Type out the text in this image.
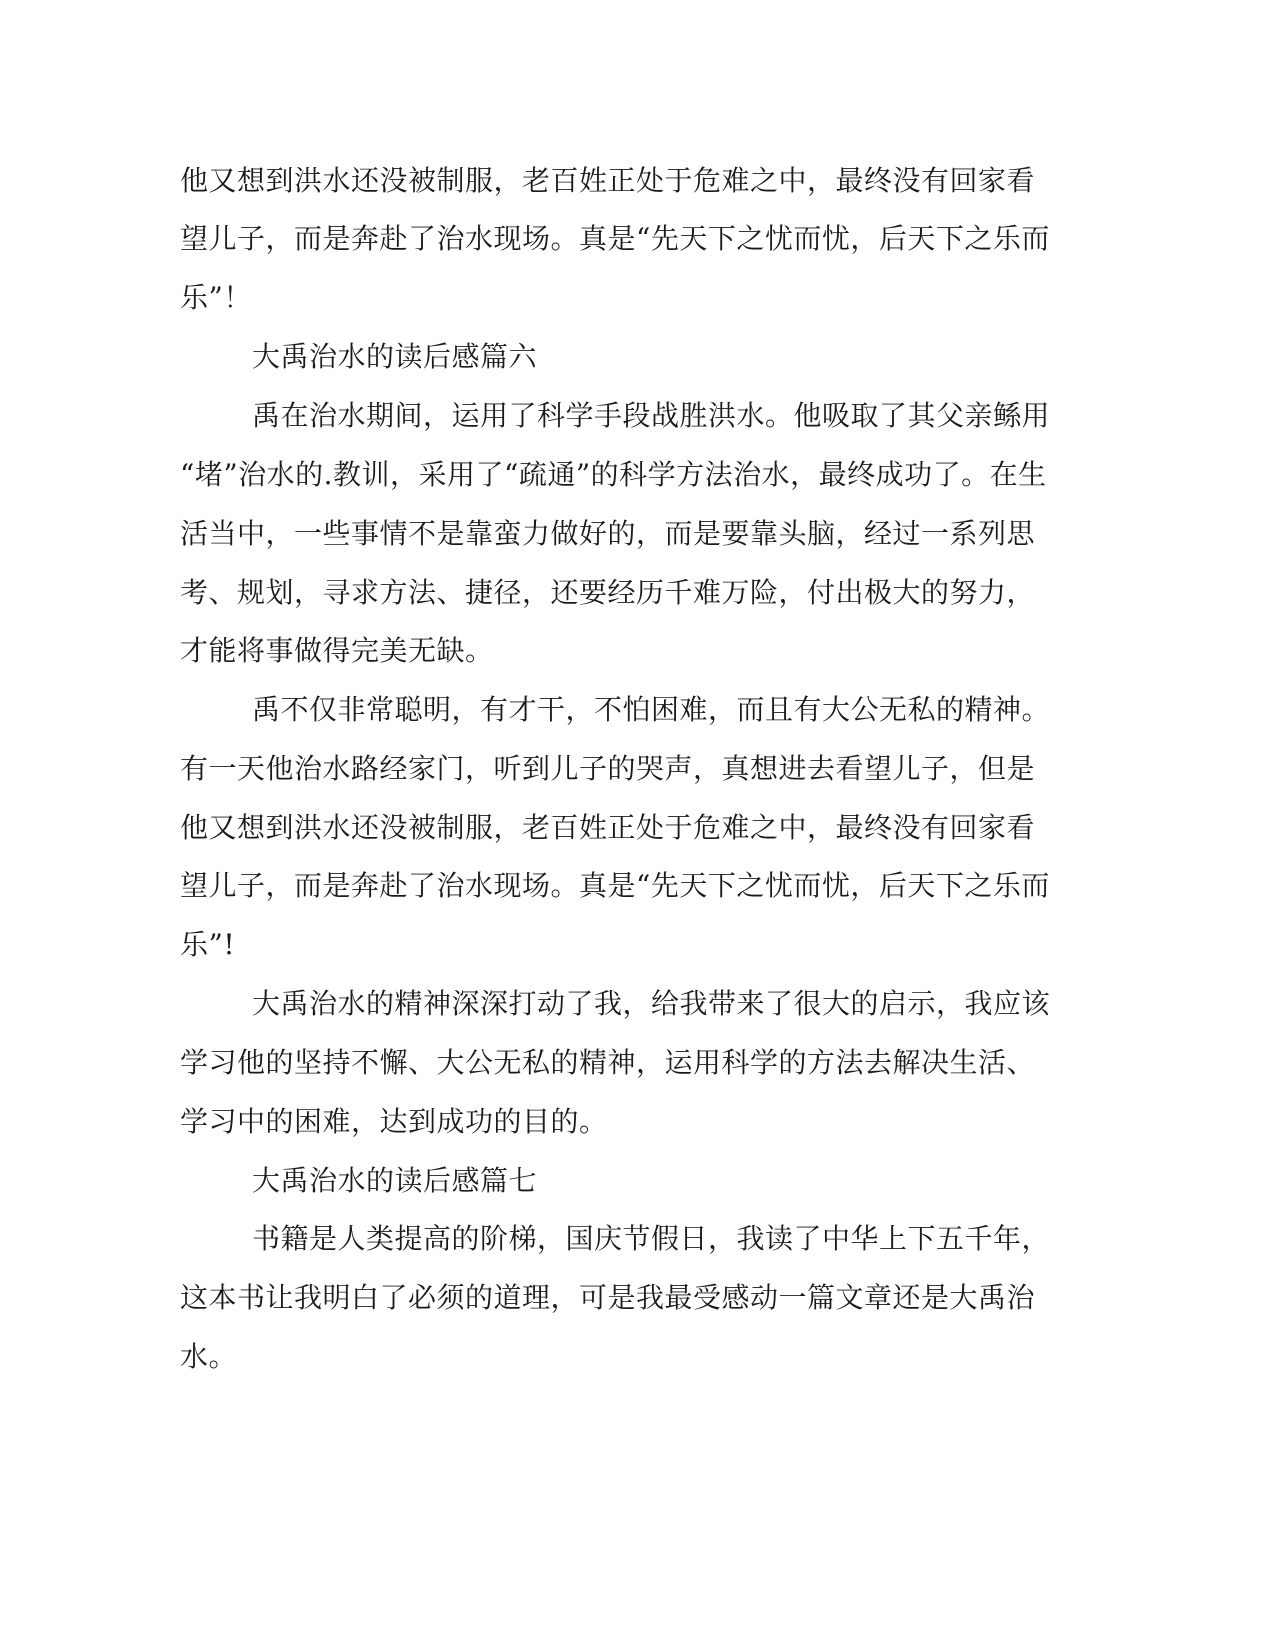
他又想到洪水还没被制服，老百姓正处于危难之中，最终没有回家看

望儿子，而是奔赴了治水现场。真是“先天下之忧而忧，后天下之乐而

乐”！

大禹治水的读后感篇六

禹在治水期间，运用了科学手段战胜洪水。他吸取了其父亲鲧用

“堵”治水的.教训，采用了“疏通”的科学方法治水，最终成功了。在生

活当中，一些事情不是靠蛮力做好的，而是要靠头脑，经过一系列思

考、规划，寻求方法、捷径，还要经历千难万险，付出极大的努力，

才能将事做得完美无缺。

禹不仅非常聪明，有才干，不怕困难，而且有大公无私的精神。

有一天他治水路经家门，听到儿子的哭声，真想进去看望儿子，但是

他又想到洪水还没被制服，老百姓正处于危难之中，最终没有回家看

望儿子，而是奔赴了治水现场。真是“先天下之忧而忧，后天下之乐而

乐”!

大禹治水的精神深深打动了我，给我带来了很大的启示，我应该

学习他的坚持不懈、大公无私的精神，运用科学的方法去解决生活、

学习中的困难，达到成功的目的。

大禹治水的读后感篇七

书籍是人类提高的阶梯，国庆节假日，我读了中华上下五千年，

这本书让我明白了必须的道理，可是我最受感动一篇文章还是大禹治

水。
